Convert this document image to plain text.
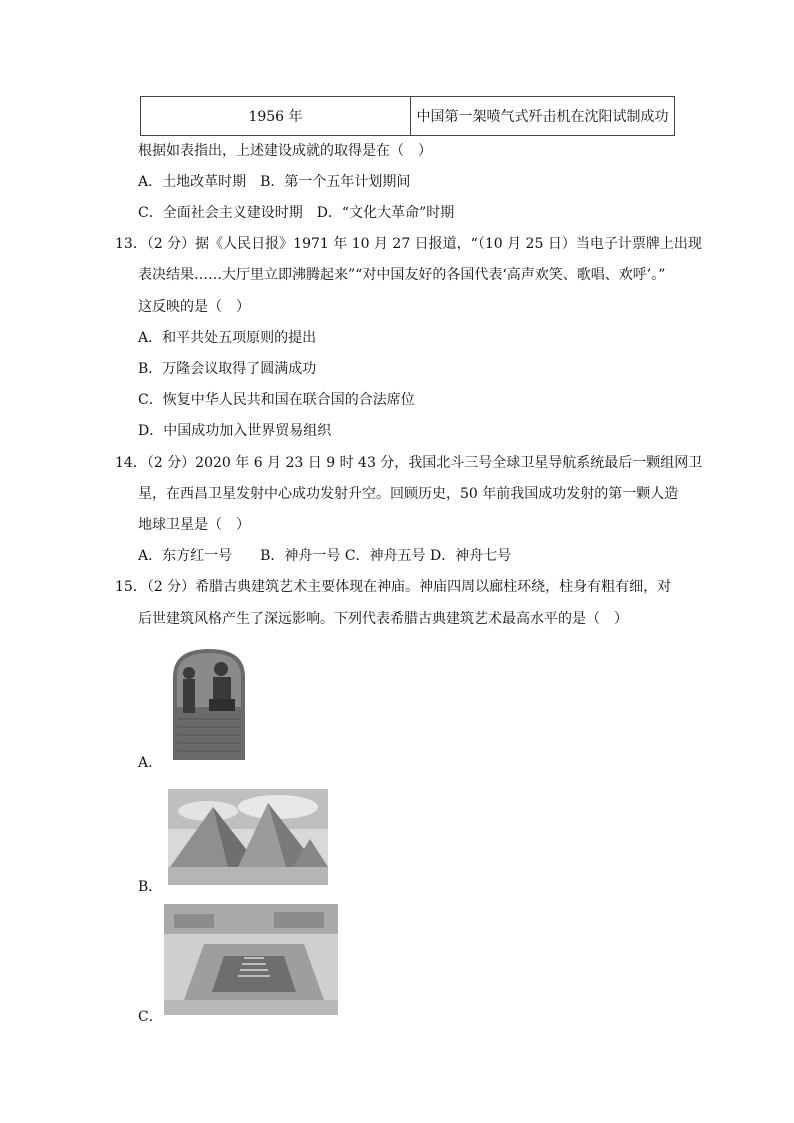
1956 年	中国第一架喷气式歼击机在沈阳试制成功
根据如表指出，上述建设成就的取得是在（　）
A．土地改革时期　B．第一个五年计划期间
C．全面社会主义建设时期　D．“文化大革命”时期
13．（2 分）据《人民日报》1971 年 10 月 27 日报道，“（10 月 25 日）当电子计票牌上出现
表决结果……大厅里立即沸腾起来”“对中国友好的各国代表‘高声欢笑、歌唱、欢呼’。”
这反映的是（　）
A．和平共处五项原则的提出
B．万隆会议取得了圆满成功
C．恢复中华人民共和国在联合国的合法席位
D．中国成功加入世界贸易组织
14．（2 分）2020 年 6 月 23 日 9 时 43 分，我国北斗三号全球卫星导航系统最后一颗组网卫
星，在西昌卫星发射中心成功发射升空。回顾历史，50 年前我国成功发射的第一颗人造
地球卫星是（　）
A．东方红一号　　B．神舟一号 C．神舟五号 D．神舟七号
15．（2 分）希腊古典建筑艺术主要体现在神庙。神庙四周以廊柱环绕，柱身有粗有细，对
后世建筑风格产生了深远影响。下列代表希腊古典建筑艺术最高水平的是（　）
A．
B．
C．
